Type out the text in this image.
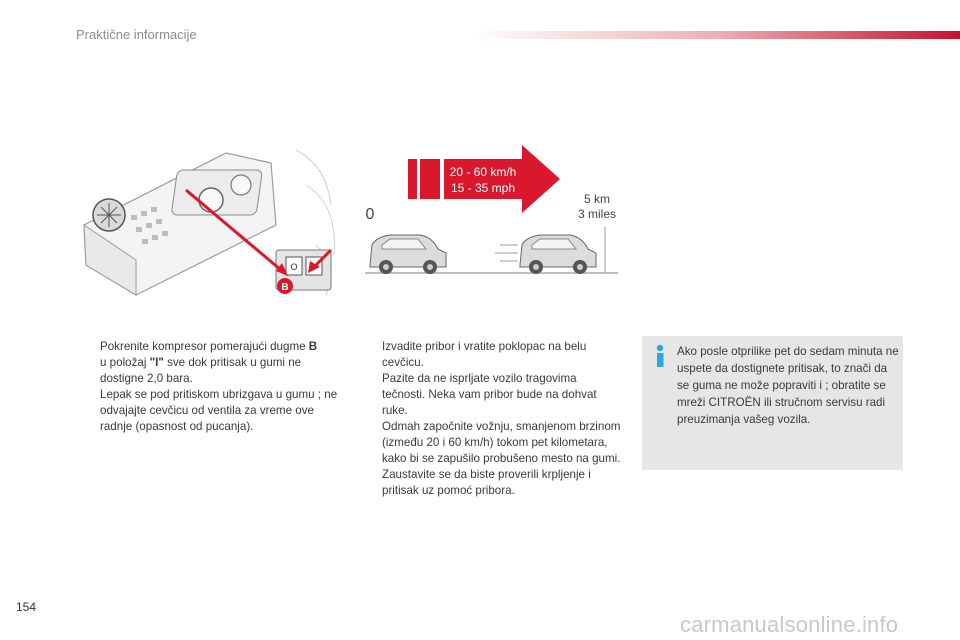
Praktične informacije
O
B
20 - 60 km/h
15 - 35 mph
0
5 km
3 miles

Pokrenite kompresor pomerajući dugme B
u položaj "I" sve dok pritisak u gumi ne dostigne 2,0 bara.

Lepak se pod pritiskom ubrizgava u gumu ; ne odvajajte cevčicu od ventila za vreme ove radnje (opasnost od pucanja).

Izvadite pribor i vratite poklopac na belu cevčicu.

Pazite da ne isprljate vozilo tragovima tečnosti. Neka vam pribor bude na dohvat ruke.

Odmah započnite vožnju, smanjenom brzinom (između 20 i 60 km/h) tokom pet kilometara, kako bi se zapušilo probušeno mesto na gumi.

Zaustavite se da biste proverili krpljenje i pritisak uz pomoć pribora.

Ako posle otprilike pet do sedam minuta ne uspete da dostignete pritisak, to znači da se guma ne može popraviti i ; obratite se mreži CITROËN ili stručnom servisu radi preuzimanja vašeg vozila.
154
carmanualsonline.info
